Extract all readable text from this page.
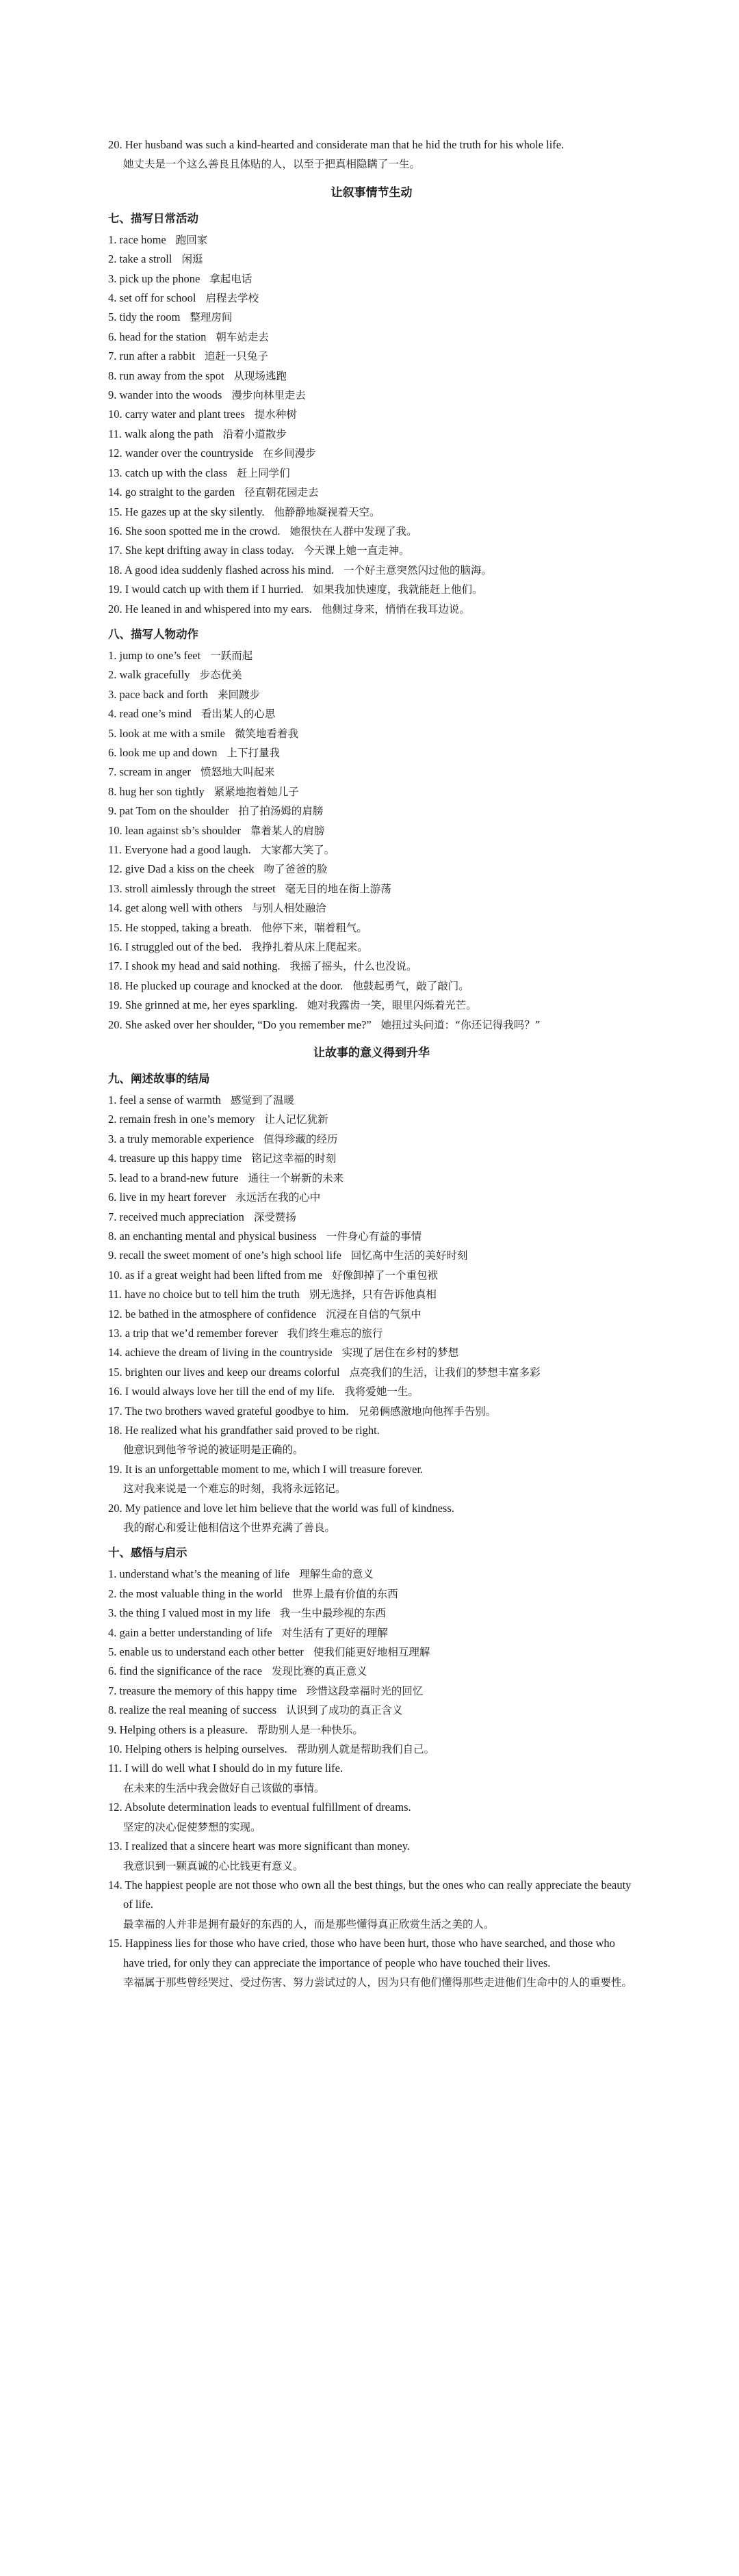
20. Her husband was such a kind-hearted and considerate man that he hid the truth for his whole life.
她丈夫是一个这么善良且体贴的人，以至于把真相隐瞒了一生。

让叙事情节生动
七、描写日常活动

1. race home 跑回家

2. take a stroll 闲逛

3. pick up the phone 拿起电话

4. set off for school 启程去学校

5. tidy the room 整理房间

6. head for the station 朝车站走去

7. run after a rabbit 追赶一只兔子

8. run away from the spot 从现场逃跑

9. wander into the woods 漫步向林里走去

10. carry water and plant trees 提水种树

11. walk along the path 沿着小道散步

12. wander over the countryside 在乡间漫步

13. catch up with the class 赶上同学们

14. go straight to the garden 径直朝花园走去

15. He gazes up at the sky silently. 他静静地凝视着天空。

16. She soon spotted me in the crowd. 她很快在人群中发现了我。

17. She kept drifting away in class today. 今天课上她一直走神。

18. A good idea suddenly flashed across his mind. 一个好主意突然闪过他的脑海。

19. I would catch up with them if I hurried. 如果我加快速度，我就能赶上他们。

20. He leaned in and whispered into my ears. 他侧过身来，悄悄在我耳边说。

八、描写人物动作

1. jump to one’s feet 一跃而起

2. walk gracefully 步态优美

3. pace back and forth 来回踱步

4. read one’s mind 看出某人的心思

5. look at me with a smile 微笑地看着我

6. look me up and down 上下打量我

7. scream in anger 愤怒地大叫起来

8. hug her son tightly 紧紧地抱着她儿子

9. pat Tom on the shoulder 拍了拍汤姆的肩膀

10. lean against sb’s shoulder 靠着某人的肩膀

11. Everyone had a good laugh. 大家都大笑了。

12. give Dad a kiss on the cheek 吻了爸爸的脸

13. stroll aimlessly through the street 毫无目的地在街上游荡

14. get along well with others 与别人相处融洽

15. He stopped, taking a breath. 他停下来，喘着粗气。

16. I struggled out of the bed. 我挣扎着从床上爬起来。

17. I shook my head and said nothing. 我摇了摇头，什么也没说。

18. He plucked up courage and knocked at the door. 他鼓起勇气，敲了敲门。

19. She grinned at me, her eyes sparkling. 她对我露齿一笑，眼里闪烁着光芒。

20. She asked over her shoulder, “Do you remember me?” 她扭过头问道：“你还记得我吗？”

让故事的意义得到升华
九、阐述故事的结局

1. feel a sense of warmth 感觉到了温暖

2. remain fresh in one’s memory 让人记忆犹新

3. a truly memorable experience 值得珍藏的经历

4. treasure up this happy time 铭记这幸福的时刻

5. lead to a brand-new future 通往一个崭新的未来

6. live in my heart forever 永远活在我的心中

7. received much appreciation 深受赞扬

8. an enchanting mental and physical business 一件身心有益的事情

9. recall the sweet moment of one’s high school life 回忆高中生活的美好时刻

10. as if a great weight had been lifted from me 好像卸掉了一个重包袱

11. have no choice but to tell him the truth 别无选择，只有告诉他真相

12. be bathed in the atmosphere of confidence 沉浸在自信的气氛中

13. a trip that we’d remember forever 我们终生难忘的旅行

14. achieve the dream of living in the countryside 实现了居住在乡村的梦想

15. brighten our lives and keep our dreams colorful 点亮我们的生活，让我们的梦想丰富多彩

16. I would always love her till the end of my life. 我将爱她一生。

17. The two brothers waved grateful goodbye to him. 兄弟俩感激地向他挥手告别。

18. He realized what his grandfather said proved to be right.
他意识到他爷爷说的被证明是正确的。

19. It is an unforgettable moment to me, which I will treasure forever.
这对我来说是一个难忘的时刻，我将永远铭记。

20. My patience and love let him believe that the world was full of kindness.
我的耐心和爱让他相信这个世界充满了善良。

十、感悟与启示

1. understand what’s the meaning of life 理解生命的意义

2. the most valuable thing in the world 世界上最有价值的东西

3. the thing I valued most in my life 我一生中最珍视的东西

4. gain a better understanding of life 对生活有了更好的理解

5. enable us to understand each other better 使我们能更好地相互理解

6. find the significance of the race 发现比赛的真正意义

7. treasure the memory of this happy time 珍惜这段幸福时光的回忆

8. realize the real meaning of success 认识到了成功的真正含义

9. Helping others is a pleasure. 帮助别人是一种快乐。

10. Helping others is helping ourselves. 帮助别人就是帮助我们自己。

11. I will do well what I should do in my future life.
在未来的生活中我会做好自己该做的事情。

12. Absolute determination leads to eventual fulfillment of dreams.
坚定的决心促使梦想的实现。

13. I realized that a sincere heart was more significant than money.
我意识到一颗真诚的心比钱更有意义。

14. The happiest people are not those who own all the best things, but the ones who can really appreciate the beauty of life.
最幸福的人并非是拥有最好的东西的人，而是那些懂得真正欣赏生活之美的人。

15. Happiness lies for those who have cried, those who have been hurt, those who have searched, and those who have tried, for only they can appreciate the importance of people who have touched their lives.
幸福属于那些曾经哭过、受过伤害、努力尝试过的人，因为只有他们懂得那些走进他们生命中的人的重要性。
